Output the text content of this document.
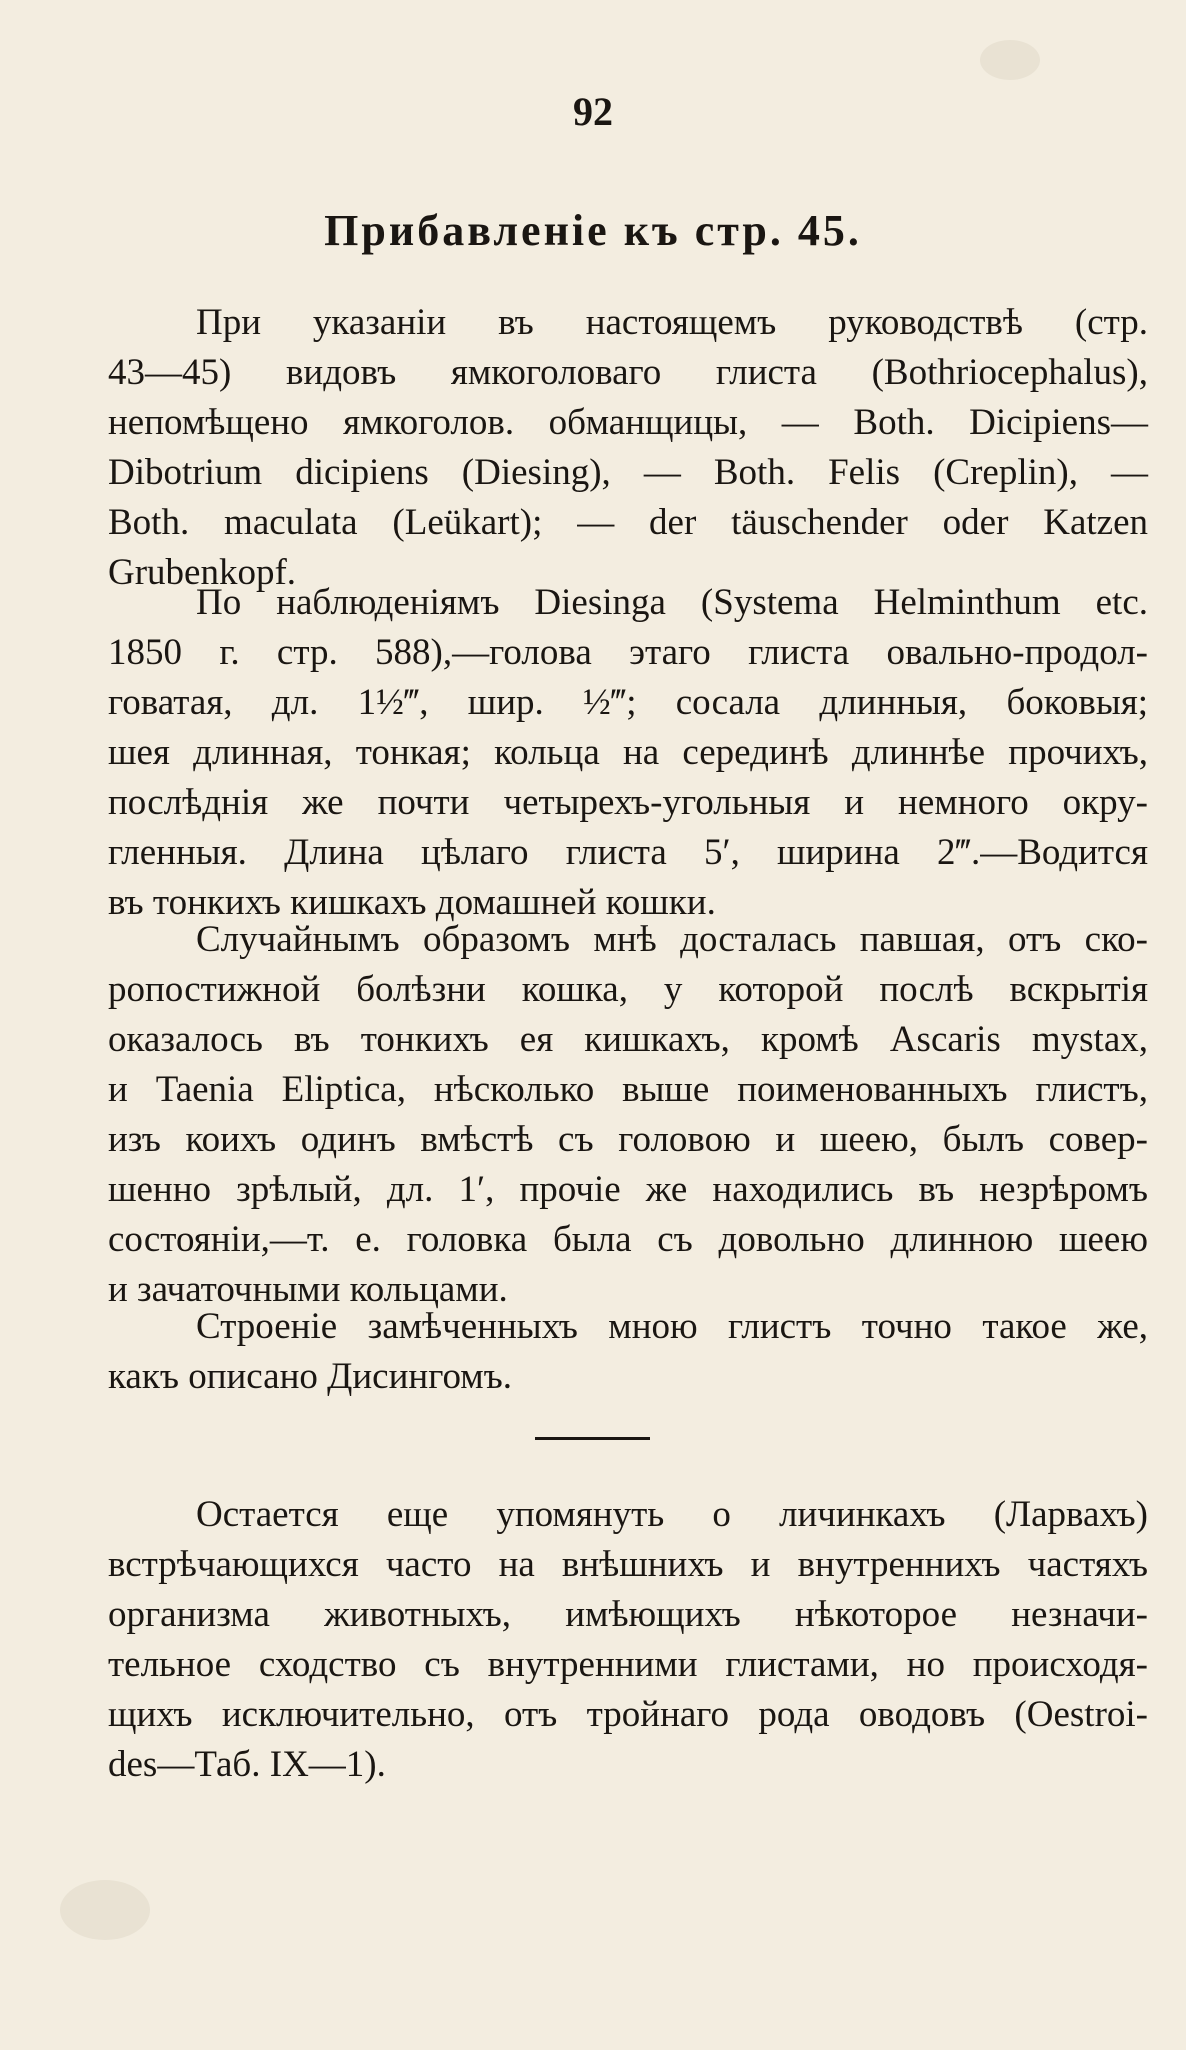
92
Прибавленіе къ стр. 45.
При указаніи въ настоящемъ руководствѣ (стр.
43—45) видовъ ямкоголоваго глиста (Bothriocephalus),
непомѣщено ямкоголов. обманщицы, — Both. Dicipiens—
Dibotrium dicipiens (Diesing), — Both. Felis (Creplin), —
Both. maculata (Leükart); — der täuschender oder Katzen
Grubenkopf.
По наблюденіямъ Diesinga (Systema Helminthum etc.
1850 г. стр. 588),—голова этаго глиста овально-продол-
говатая, дл. 1½‴, шир. ½‴; сосала длинныя, боковыя;
шея длинная, тонкая; кольца на серединѣ длиннѣе прочихъ,
послѣднія же почти четырехъ-угольныя и немного окру-
гленныя. Длина цѣлаго глиста 5′, ширина 2‴.—Водится
въ тонкихъ кишкахъ домашней кошки.
Случайнымъ образомъ мнѣ досталась павшая, отъ ско-
ропостижной болѣзни кошка, у которой послѣ вскрытія
оказалось въ тонкихъ ея кишкахъ, кромѣ Ascaris mystax,
и Taenia Eliptica, нѣсколько выше поименованныхъ глистъ,
изъ коихъ одинъ вмѣстѣ съ головою и шеею, былъ совер-
шенно зрѣлый, дл. 1′, прочіе же находились въ незрѣромъ
состояніи,—т. е. головка была съ довольно длинною шеею
и зачаточными кольцами.
Строеніе замѣченныхъ мною глистъ точно такое же,
какъ описано Дисингомъ.
Остается еще упомянуть о личинкахъ (Ларвахъ)
встрѣчающихся часто на внѣшнихъ и внутреннихъ частяхъ
организма животныхъ, имѣющихъ нѣкоторое незначи-
тельное сходство съ внутренними глистами, но происходя-
щихъ исключительно, отъ тройнаго рода оводовъ (Oestroi-
des—Таб. IX—1).
